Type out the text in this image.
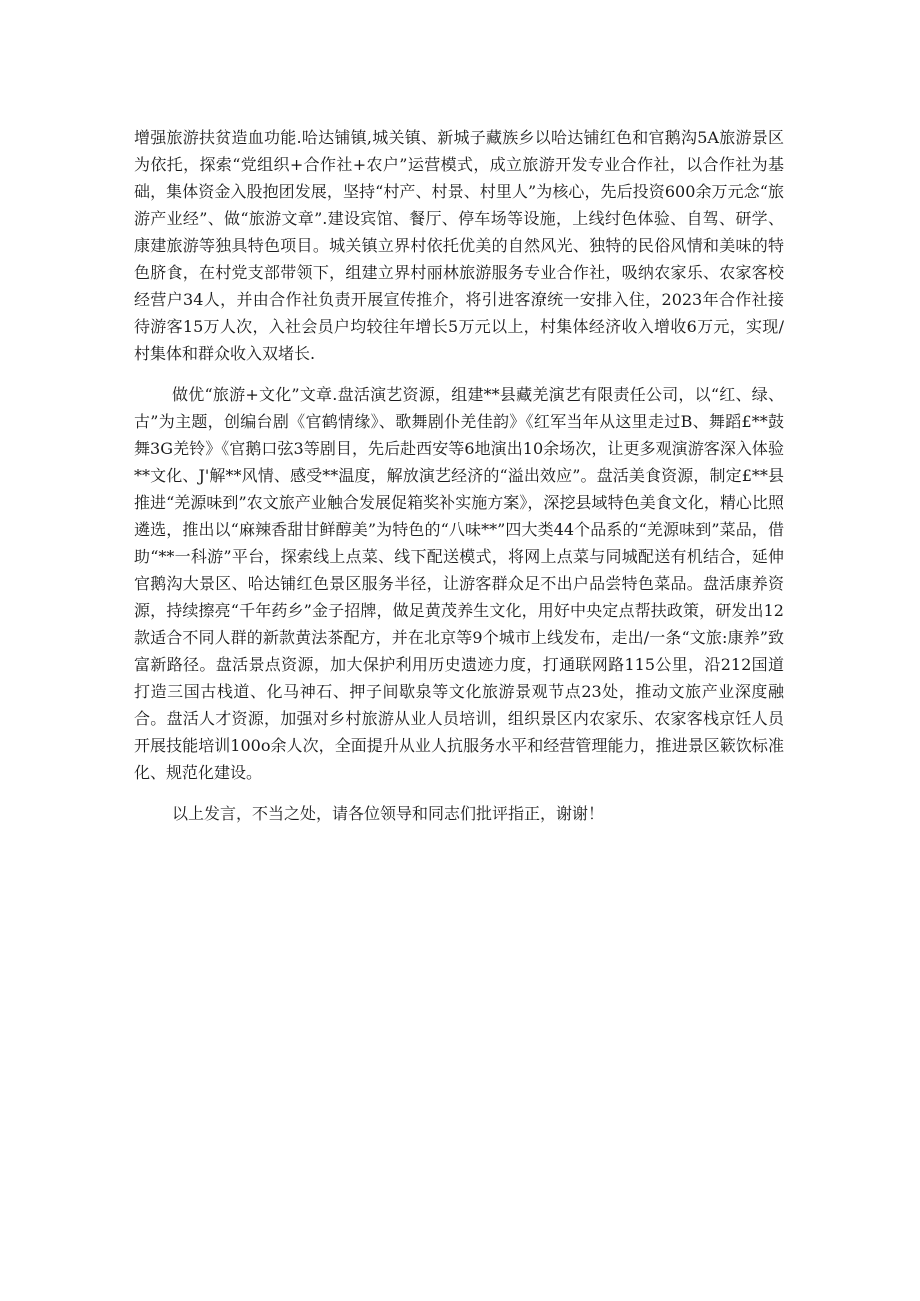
增强旅游扶贫造血功能.哈达铺镇,城关镇、新城子藏族乡以哈达铺红色和官鹅沟5A旅游景区为依托，探索“党组织+合作社+农户”运营模式，成立旅游开发专业合作社，以合作社为基础，集体资金入股抱团发展，坚持“村产、村景、村里人”为核心，先后投资600余万元念“旅游产业经”、做“旅游文章”.建设宾馆、餐厅、停车场等设施，上线纣色体验、自驾、研学、康建旅游等独具特色项目。城关镇立界村依托优美的自然风光、独特的民俗风情和美味的特色脐食，在村党支部带领下，组建立界村丽林旅游服务专业合作社，吸纳农家乐、农家客校经营户34人，并由合作社负责开展宣传推介，将引进客潦统一安排入住，2023年合作社接待游客15万人次，入社会员户均较往年增长5万元以上，村集体经济收入增收6万元，实现/村集体和群众收入双堵长.

做优“旅游+文化”文章.盘活演艺资源，组建**县藏羌演艺有限责任公司，以“红、绿、古”为主题，创编台剧《官鹤情缘》、歌舞剧仆羌佳韵》《红军当年从这里走过B、舞蹈£**鼓舞3G羌铃》《官鹅口弦3等剧目，先后赴西安等6地演出10余场次，让更多观演游客深入体验**文化、J'解**风情、感受**温度，解放演艺经济的“溢出效应”。盘活美食资源，制定£**县推进“羌源味到”农文旅产业触合发展促箱奖补实施方案》，深挖县域特色美食文化，精心比照遴选，推出以“麻辣香甜甘鲜醇美”为特色的“八味**”四大类44个品系的“羌源味到”菜品，借助“**一科游”平台，探索线上点菜、线下配送模式，将网上点菜与同城配送有机结合，延伸官鹅沟大景区、哈达铺红色景区服务半径，让游客群众足不出户品尝特色菜品。盘活康养资源，持续擦亮“千年药乡”金子招牌，做足黄茂养生文化，用好中央定点帮扶政策，研发出12款适合不同人群的新款黄法茶配方，并在北京等9个城市上线发布，走出/一条“文旅:康养”致富新路径。盘活景点资源，加大保护利用历史遗迹力度，打通联网路115公里，沿212国道打造三国古栈道、化马神石、押子间歇泉等文化旅游景观节点23处，推动文旅产业深度融合。盘活人才资源，加强对乡村旅游从业人员培训，组织景区内农家乐、农家客栈京饪人员开展技能培训100o余人次，全面提升从业人抗服务水平和经营管理能力，推进景区簌饮标准化、规范化建设。

以上发言，不当之处，请各位领导和同志们批评指正，谢谢！
